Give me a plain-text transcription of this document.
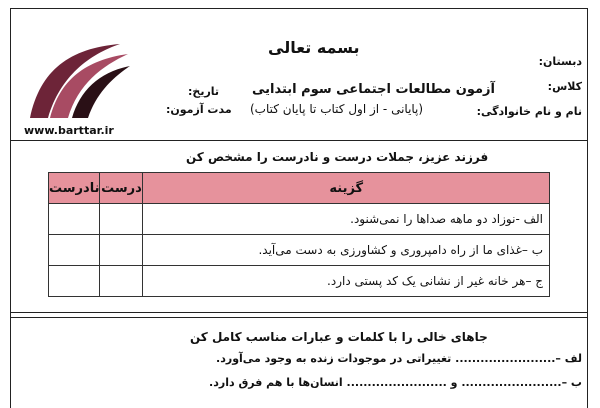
بسمه تعالی
دبستان:
آزمون مطالعات اجتماعی سوم ابتدایی	کلاس:
تاریخ:
(پایانی - از اول کتاب تا پایان کتاب)
مدت آزمون:	نام و نام خانوادگی:
www.barttar.ir
فرزند عزیز، جملات درست و نادرست را مشخص کن
نادرست	درست	گزینه
		الف -نوزاد دو ماهه صداها را نمی‌شنود.
		ب –غذای ما از راه دامپروری و کشاورزی به دست می‌آید.
		ج –هر خانه غیر از نشانی یک کد پستی دارد.
جاهای خالی را با کلمات و عبارات مناسب کامل کن
لف –........................ تغییراتی در موجودات زنده به وجود می‌آورد.
ب –........................ و ........................ انسان‌ها با هم فرق دارد.
